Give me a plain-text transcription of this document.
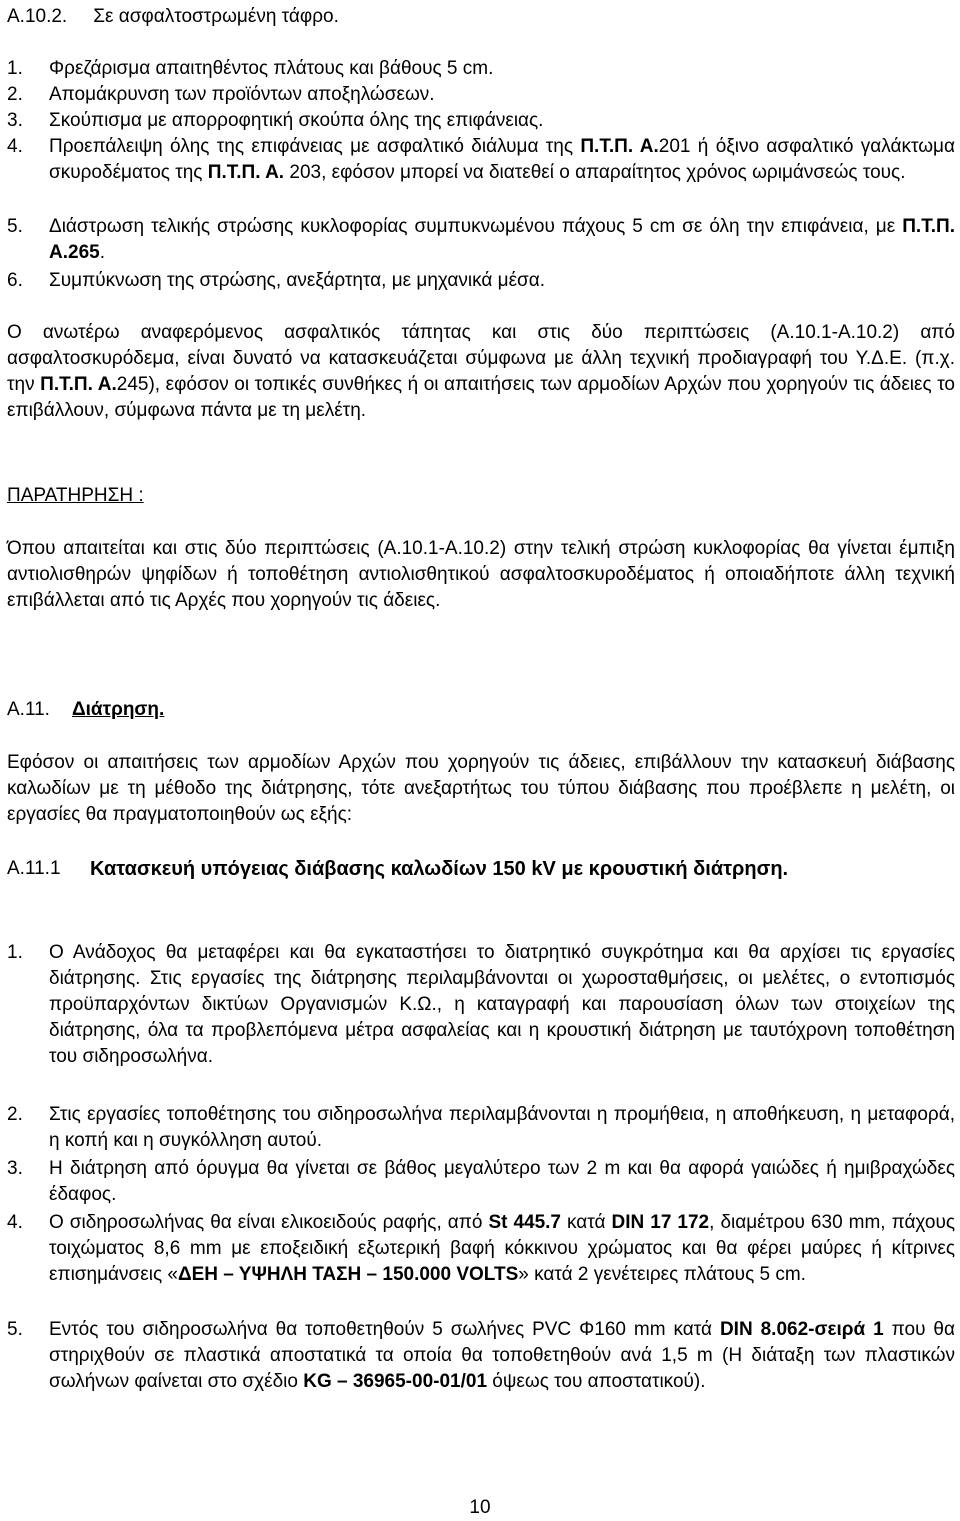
Α.10.2. Σε ασφαλτοστρωμένη τάφρο.
1. Φρεζάρισμα απαιτηθέντος πλάτους και βάθους 5 cm.

2. Απομάκρυνση των προϊόντων αποξηλώσεων.

3. Σκούπισμα με απορροφητική σκούπα όλης της επιφάνειας.

4. Προεπάλειψη όλης της επιφάνειας με ασφαλτικό διάλυμα της Π.Τ.Π. Α.201 ή όξινο ασφαλτικό γαλάκτωμα σκυροδέματος της Π.Τ.Π. Α. 203, εφόσον μπορεί να διατεθεί ο απαραίτητος χρόνος ωριμάνσεώς τους.

5. Διάστρωση τελικής στρώσης κυκλοφορίας συμπυκνωμένου πάχους 5 cm σε όλη την επιφάνεια, με Π.Τ.Π. Α.265.

6. Συμπύκνωση της στρώσης, ανεξάρτητα, με μηχανικά μέσα.

Ο ανωτέρω αναφερόμενος ασφαλτικός τάπητας και στις δύο περιπτώσεις (Α.10.1-Α.10.2) από ασφαλτοσκυρόδεμα, είναι δυνατό να κατασκευάζεται σύμφωνα με άλλη τεχνική προδιαγραφή του Υ.Δ.Ε. (π.χ. την Π.Τ.Π. Α.245), εφόσον οι τοπικές συνθήκες ή οι απαιτήσεις των αρμοδίων Αρχών που χορηγούν τις άδειες το επιβάλλουν, σύμφωνα πάντα με τη μελέτη.

ΠΑΡΑΤΗΡΗΣΗ :

Όπου απαιτείται και στις δύο περιπτώσεις (Α.10.1-Α.10.2) στην τελική στρώση κυκλοφορίας θα γίνεται έμπιξη αντιολισθηρών ψηφίδων ή τοποθέτηση αντιολισθητικού ασφαλτοσκυροδέματος ή οποιαδήποτε άλλη τεχνική επιβάλλεται από τις Αρχές που χορηγούν τις άδειες.

Α.11. Διάτρηση.

Εφόσον οι απαιτήσεις των αρμοδίων Αρχών που χορηγούν τις άδειες, επιβάλλουν την κατασκευή διάβασης καλωδίων με τη μέθοδο της διάτρησης, τότε ανεξαρτήτως του τύπου διάβασης που προέβλεπε η μελέτη, οι εργασίες θα πραγματοποιηθούν ως εξής:

Α.11.1 Κατασκευή υπόγειας διάβασης καλωδίων 150 kV με κρουστική διάτρηση.
1. Ο Ανάδοχος θα μεταφέρει και θα εγκαταστήσει το διατρητικό συγκρότημα και θα αρχίσει τις εργασίες διάτρησης. Στις εργασίες της διάτρησης περιλαμβάνονται οι χωροσταθμήσεις, οι μελέτες, ο εντοπισμός προϋπαρχόντων δικτύων Οργανισμών Κ.Ω., η καταγραφή και παρουσίαση όλων των στοιχείων της διάτρησης, όλα τα προβλεπόμενα μέτρα ασφαλείας και η κρουστική διάτρηση με ταυτόχρονη τοποθέτηση του σιδηροσωλήνα.

2. Στις εργασίες τοποθέτησης του σιδηροσωλήνα περιλαμβάνονται η προμήθεια, η αποθήκευση, η μεταφορά, η κοπή και η συγκόλληση αυτού.

3. Η διάτρηση από όρυγμα θα γίνεται σε βάθος μεγαλύτερο των 2 m και θα αφορά γαιώδες ή ημιβραχώδες έδαφος.

4. Ο σιδηροσωλήνας θα είναι ελικοειδούς ραφής, από St 445.7 κατά DIN 17 172, διαμέτρου 630 mm, πάχους τοιχώματος 8,6 mm με εποξειδική εξωτερική βαφή κόκκινου χρώματος και θα φέρει μαύρες ή κίτρινες επισημάνσεις «ΔΕΗ – ΥΨΗΛΗ ΤΑΣΗ – 150.000 VOLTS» κατά 2 γενέτειρες πλάτους 5 cm.

5. Εντός του σιδηροσωλήνα θα τοποθετηθούν 5 σωλήνες PVC Φ160 mm κατά DIN 8.062-σειρά 1 που θα στηριχθούν σε πλαστικά αποστατικά τα οποία θα τοποθετηθούν ανά 1,5 m (Η διάταξη των πλαστικών σωλήνων φαίνεται στο σχέδιο KG – 36965-00-01/01 όψεως του αποστατικού).

10
